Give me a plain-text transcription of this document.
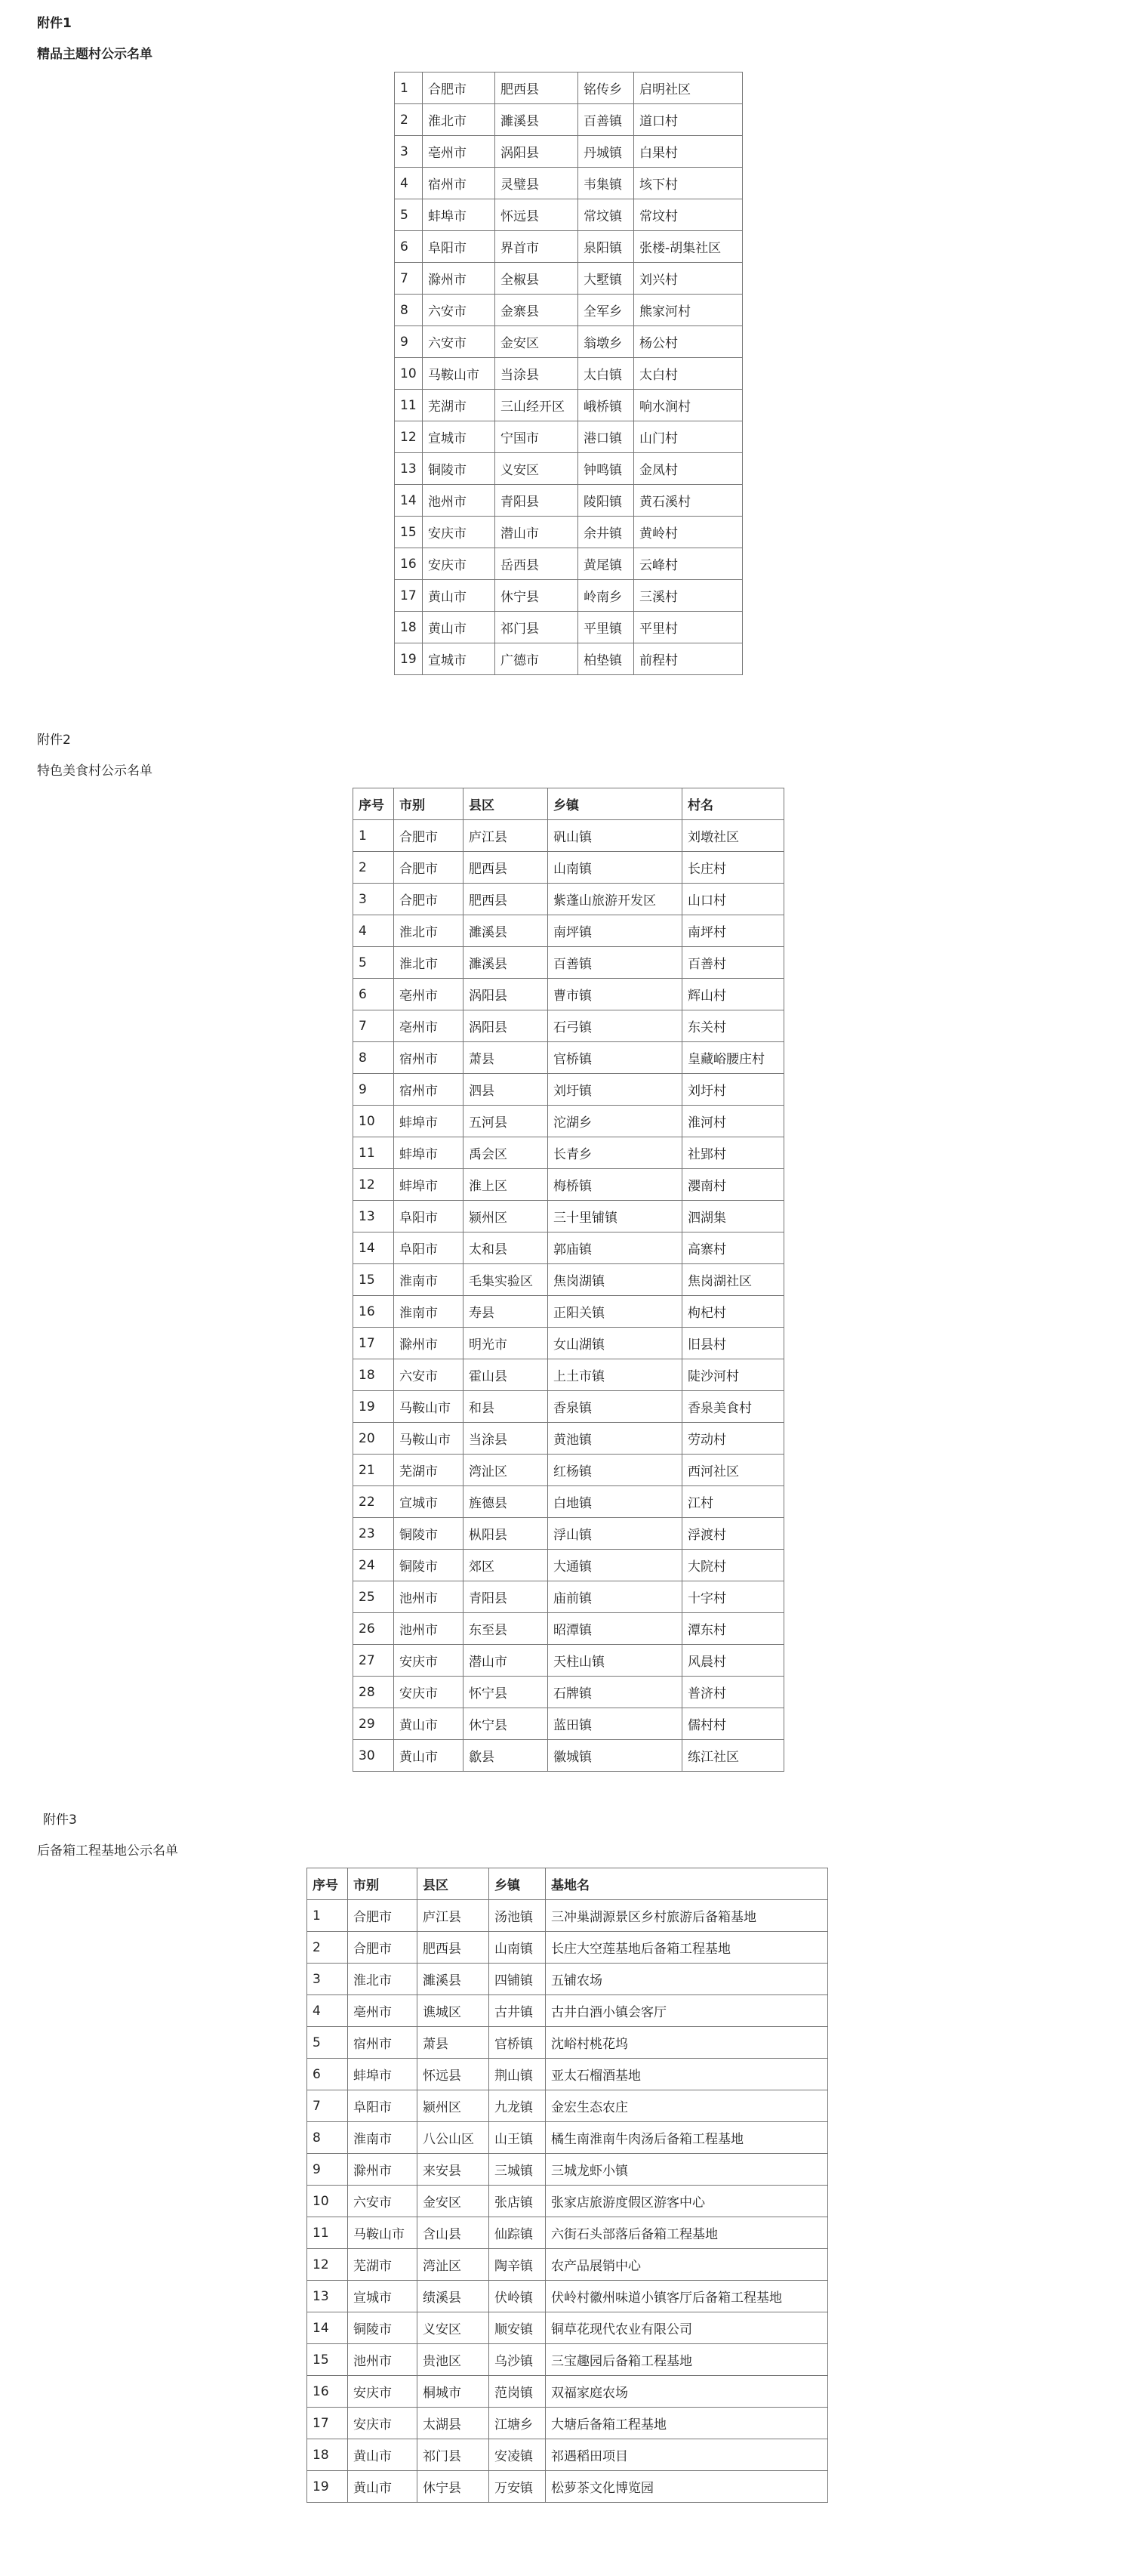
附件1
精品主题村公示名单
1	合肥市	肥西县	铭传乡	启明社区
2	淮北市	濉溪县	百善镇	道口村
3	亳州市	涡阳县	丹城镇	白果村
4	宿州市	灵璧县	韦集镇	垓下村
5	蚌埠市	怀远县	常坟镇	常坟村
6	阜阳市	界首市	泉阳镇	张楼-胡集社区
7	滁州市	全椒县	大墅镇	刘兴村
8	六安市	金寨县	全军乡	熊家河村
9	六安市	金安区	翁墩乡	杨公村
10	马鞍山市	当涂县	太白镇	太白村
11	芜湖市	三山经开区	峨桥镇	响水涧村
12	宣城市	宁国市	港口镇	山门村
13	铜陵市	义安区	钟鸣镇	金凤村
14	池州市	青阳县	陵阳镇	黄石溪村
15	安庆市	潜山市	余井镇	黄岭村
16	安庆市	岳西县	黄尾镇	云峰村
17	黄山市	休宁县	岭南乡	三溪村
18	黄山市	祁门县	平里镇	平里村
19	宣城市	广德市	柏垫镇	前程村
附件2
特色美食村公示名单
序号	市别	县区	乡镇	村名
1	合肥市	庐江县	矾山镇	刘墩社区
2	合肥市	肥西县	山南镇	长庄村
3	合肥市	肥西县	紫蓬山旅游开发区	山口村
4	淮北市	濉溪县	南坪镇	南坪村
5	淮北市	濉溪县	百善镇	百善村
6	亳州市	涡阳县	曹市镇	辉山村
7	亳州市	涡阳县	石弓镇	东关村
8	宿州市	萧县	官桥镇	皇藏峪腰庄村
9	宿州市	泗县	刘圩镇	刘圩村
10	蚌埠市	五河县	沱湖乡	淮河村
11	蚌埠市	禹会区	长青乡	社郢村
12	蚌埠市	淮上区	梅桥镇	瀴南村
13	阜阳市	颍州区	三十里铺镇	泗湖集
14	阜阳市	太和县	郭庙镇	高寨村
15	淮南市	毛集实验区	焦岗湖镇	焦岗湖社区
16	淮南市	寿县	正阳关镇	枸杞村
17	滁州市	明光市	女山湖镇	旧县村
18	六安市	霍山县	上土市镇	陡沙河村
19	马鞍山市	和县	香泉镇	香泉美食村
20	马鞍山市	当涂县	黄池镇	劳动村
21	芜湖市	湾沚区	红杨镇	西河社区
22	宣城市	旌德县	白地镇	江村
23	铜陵市	枞阳县	浮山镇	浮渡村
24	铜陵市	郊区	大通镇	大院村
25	池州市	青阳县	庙前镇	十字村
26	池州市	东至县	昭潭镇	潭东村
27	安庆市	潜山市	天柱山镇	风晨村
28	安庆市	怀宁县	石牌镇	普济村
29	黄山市	休宁县	蓝田镇	儒村村
30	黄山市	歙县	徽城镇	练江社区
附件3
后备箱工程基地公示名单
序号	市别	县区	乡镇	基地名
1	合肥市	庐江县	汤池镇	三冲巢湖源景区乡村旅游后备箱基地
2	合肥市	肥西县	山南镇	长庄大空莲基地后备箱工程基地
3	淮北市	濉溪县	四铺镇	五铺农场
4	亳州市	谯城区	古井镇	古井白酒小镇会客厅
5	宿州市	萧县	官桥镇	沈峪村桃花坞
6	蚌埠市	怀远县	荆山镇	亚太石榴酒基地
7	阜阳市	颍州区	九龙镇	金宏生态农庄
8	淮南市	八公山区	山王镇	橘生南淮南牛肉汤后备箱工程基地
9	滁州市	来安县	三城镇	三城龙虾小镇
10	六安市	金安区	张店镇	张家店旅游度假区游客中心
11	马鞍山市	含山县	仙踪镇	六街石头部落后备箱工程基地
12	芜湖市	湾沚区	陶辛镇	农产品展销中心
13	宣城市	绩溪县	伏岭镇	伏岭村徽州味道小镇客厅后备箱工程基地
14	铜陵市	义安区	顺安镇	铜草花现代农业有限公司
15	池州市	贵池区	乌沙镇	三宝趣园后备箱工程基地
16	安庆市	桐城市	范岗镇	双福家庭农场
17	安庆市	太湖县	江塘乡	大塘后备箱工程基地
18	黄山市	祁门县	安凌镇	祁遇稻田项目
19	黄山市	休宁县	万安镇	松萝茶文化博览园
